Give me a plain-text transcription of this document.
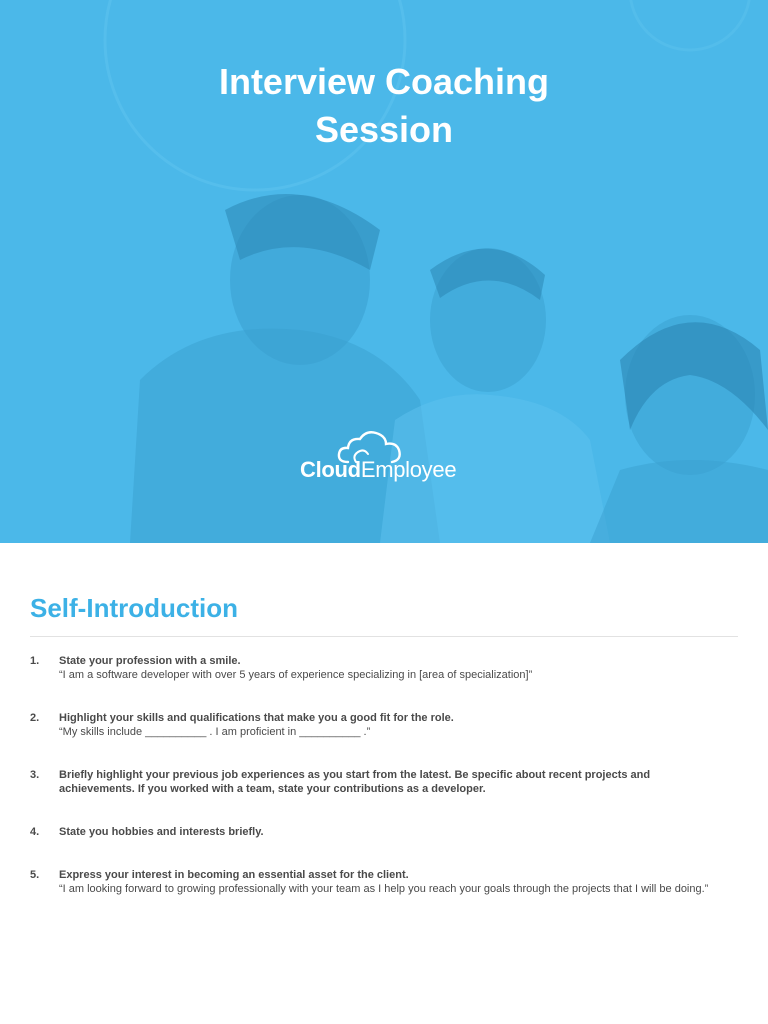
Interview Coaching
Session
CloudEmployee
Self-Introduction
1. State your profession with a smile.
“I am a software developer with over 5 years of experience specializing in [area of specialization]”
2. Highlight your skills and qualifications that make you a good fit for the role.
“My skills include __________ . I am proficient in __________ .”
3. Briefly highlight your previous job experiences as you start from the latest. Be specific about recent projects and achievements. If you worked with a team, state your contributions as a developer.
4. State you hobbies and interests briefly.
5. Express your interest in becoming an essential asset for the client.
“I am looking forward to growing professionally with your team as I help you reach your goals through the projects that I will be doing.”
